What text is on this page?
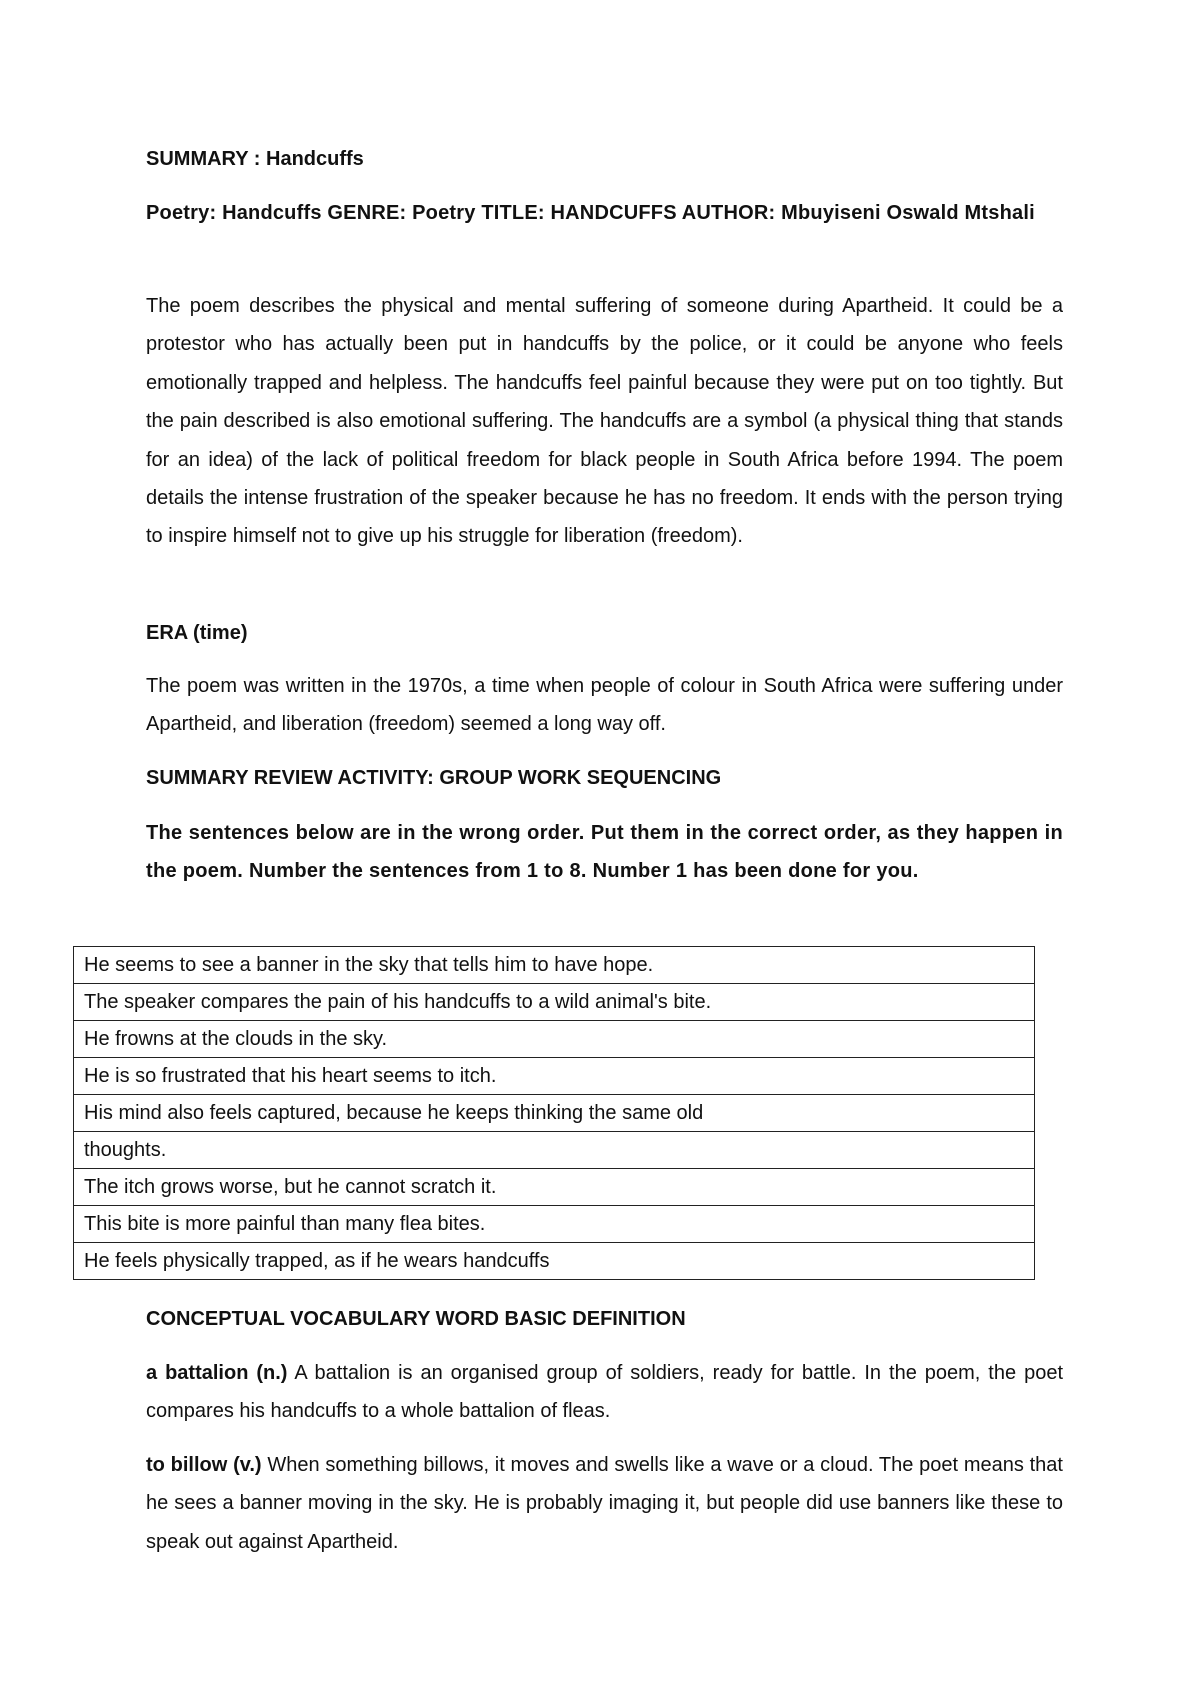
SUMMARY : Handcuffs
Poetry: Handcuffs GENRE: Poetry TITLE: HANDCUFFS AUTHOR: Mbuyiseni Oswald Mtshali
The poem describes the physical and mental suffering of someone during Apartheid. It could be a protestor who has actually been put in handcuffs by the police, or it could be anyone who feels emotionally trapped and helpless. The handcuffs feel painful because they were put on too tightly. But the pain described is also emotional suffering. The handcuffs are a symbol (a physical thing that stands for an idea) of the lack of political freedom for black people in South Africa before 1994. The poem details the intense frustration of the speaker because he has no freedom. It ends with the person trying to inspire himself not to give up his struggle for liberation (freedom).
ERA (time)
The poem was written in the 1970s, a time when people of colour in South Africa were suffering under Apartheid, and liberation (freedom) seemed a long way off.
SUMMARY REVIEW ACTIVITY: GROUP WORK SEQUENCING
The sentences below are in the wrong order. Put them in the correct order, as they happen in the poem. Number the sentences from 1 to 8. Number 1 has been done for you.
He seems to see a banner in the sky that tells him to have hope.
The speaker compares the pain of his handcuffs to a wild animal's bite.
He frowns at the clouds in the sky.
He is so frustrated that his heart seems to itch.
His mind also feels captured, because he keeps thinking the same old
thoughts.
The itch grows worse, but he cannot scratch it.
This bite is more painful than many flea bites.
He feels physically trapped, as if he wears handcuffs
CONCEPTUAL VOCABULARY WORD BASIC DEFINITION
a battalion (n.) A battalion is an organised group of soldiers, ready for battle. In the poem, the poet compares his handcuffs to a whole battalion of fleas.
to billow (v.) When something billows, it moves and swells like a wave or a cloud. The poet means that he sees a banner moving in the sky. He is probably imaging it, but people did use banners like these to speak out against Apartheid.
